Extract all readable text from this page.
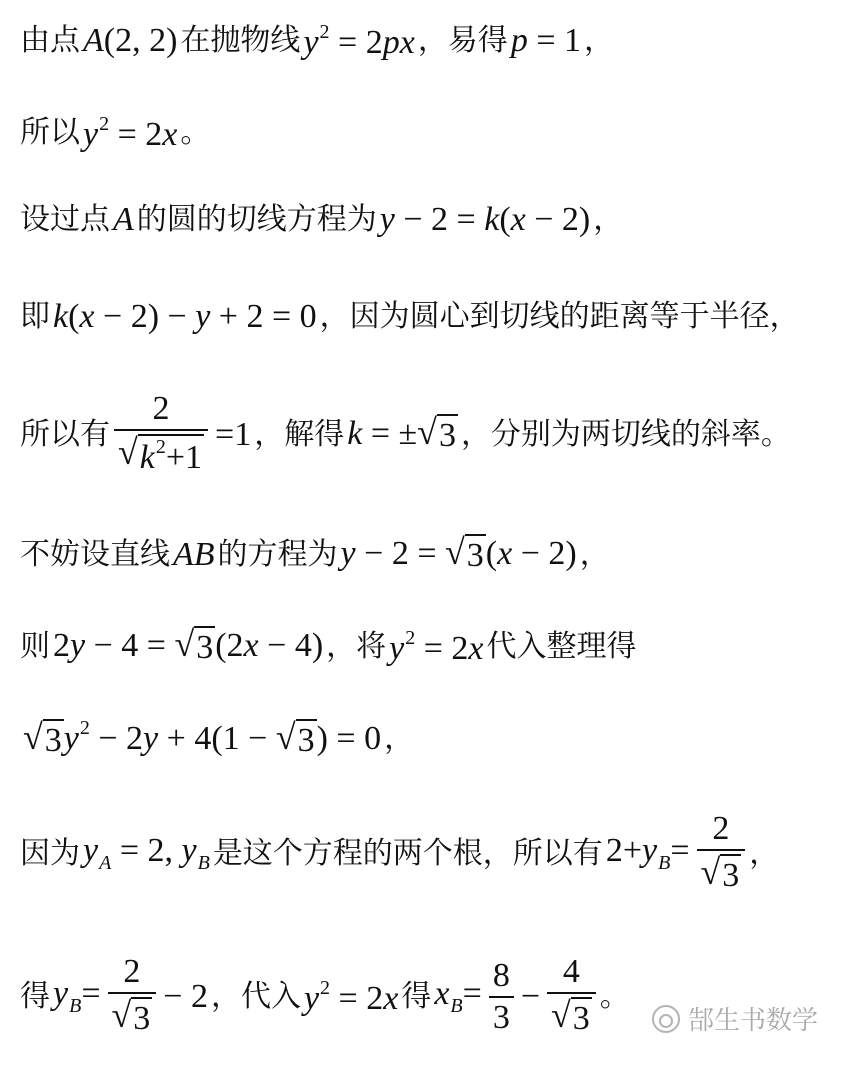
由点 A(2, 2) 在抛物线 $y^2 = 2px$ ，易得 p = 1 ，
所以 $y^2 = 2x$ 。
设过点 A 的圆的切线方程为 y − 2 = k(x − 2) ，
即 k(x − 2) − y + 2 = 0 ，因为圆心到切线的距离等于半径，
所以有 $\frac{2}{√ k^2+1} =1$ ，解得 k = ± √ 3 ，分别为两切线的斜率。
不妨设直线 AB 的方程为 y − 2 = √ 3 (x − 2) ，
则 2y − 4 = √ 3 (2x − 4) ，将 $y^2 = 2x$ 代入整理得
√ 3 $y^2 - 2y + 4(1$ − √ 3 ) = 0 ，
因为 $y_A = 2$, $y_B$ 是这个方程的两个根，所以有 $2+y_B= \frac{2}{√ 3}$ ，
得 $y_B= \frac{2}{√ 3} - 2$ ，代入 $y^2 = 2x$ 得 $x_B= \frac{8}{3} - \frac{4}{√ 3}$ 。
郜生书数学
